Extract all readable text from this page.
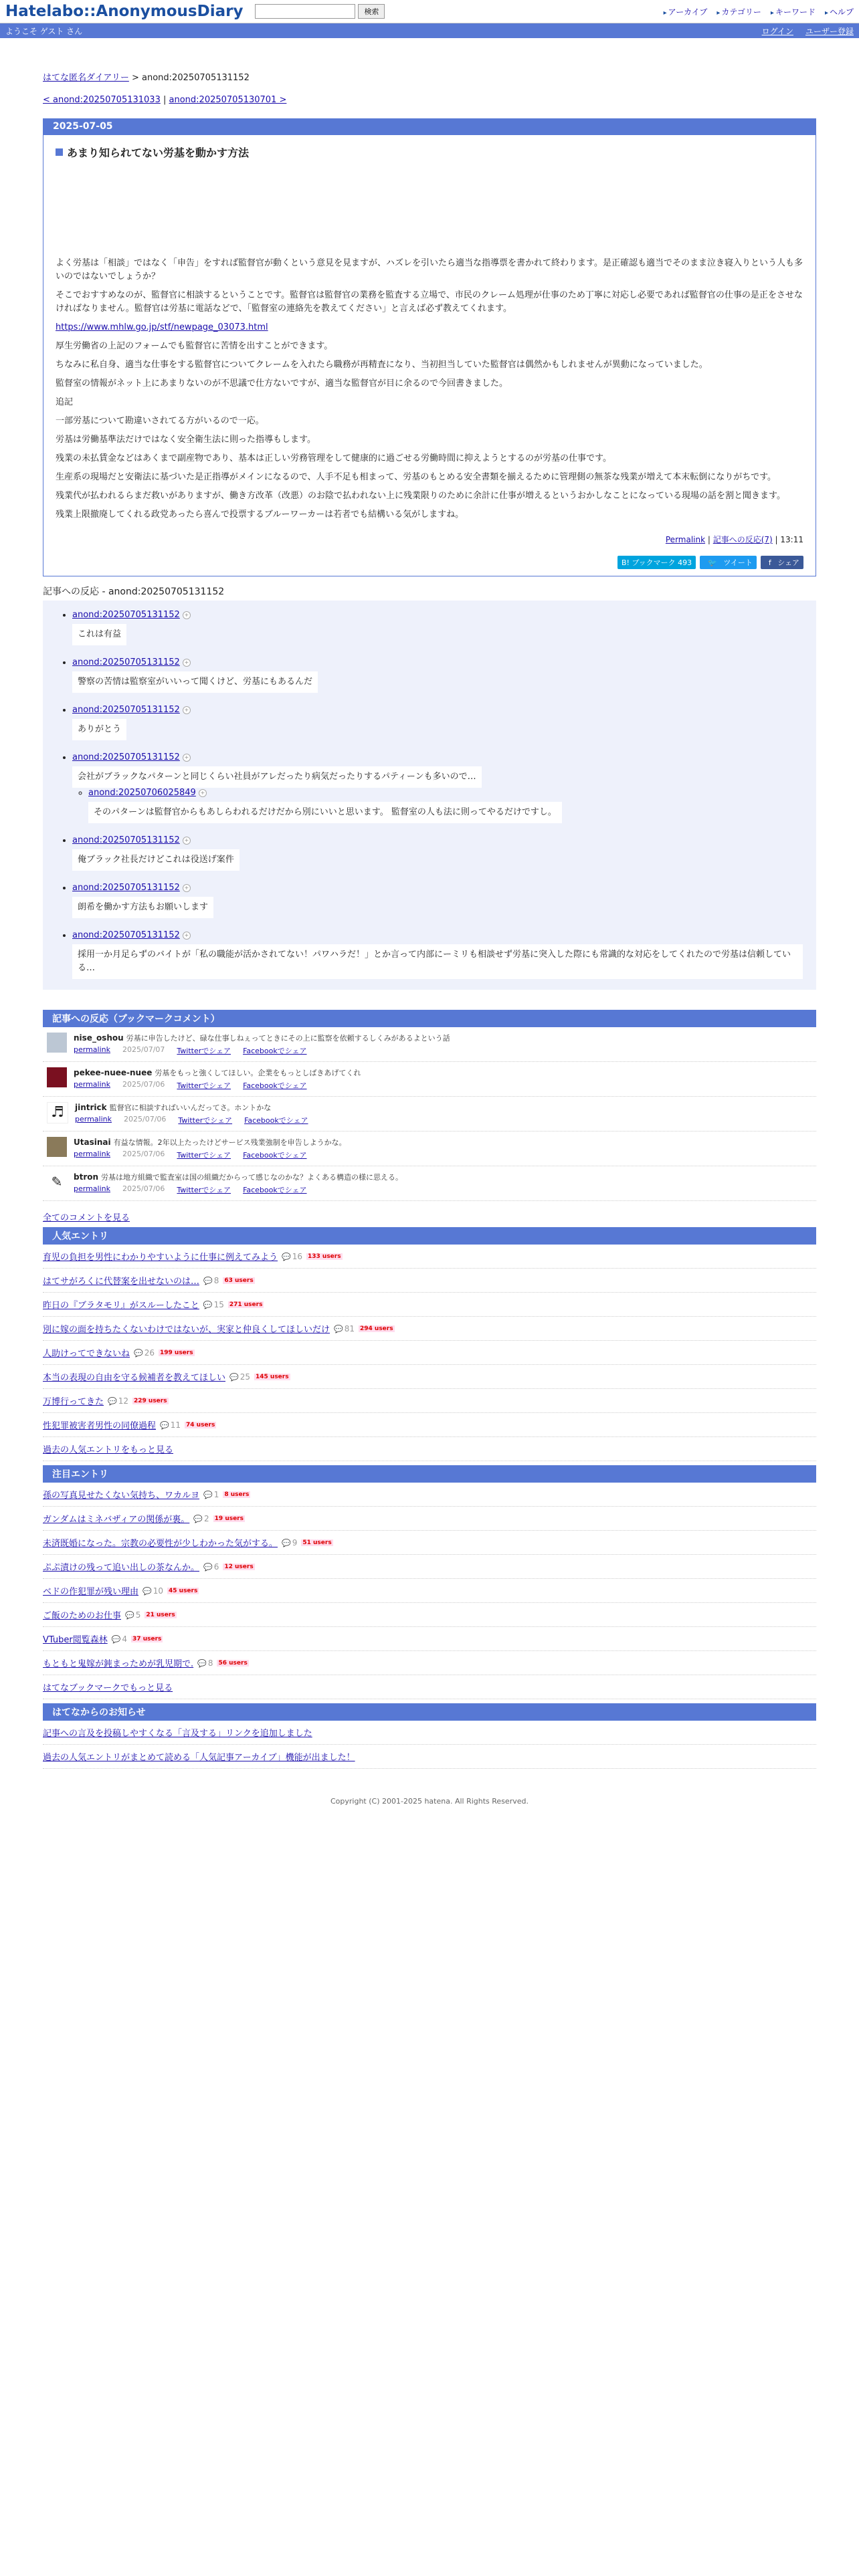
Hatelabo::AnonymousDiary	検索	▸ アーカイブ	▸ カテゴリー	▸ キーワード	▸ ヘルプ
ようこそ ゲスト さん	ログイン ユーザー登録
はてな匿名ダイアリー > anond:20250705131152
< anond:20250705131033 | anond:20250705130701 >
2025-07-05
あまり知られてない労基を動かす方法

よく労基は「相談」ではなく「申告」をすれば監督官が動くという意見を見ますが、ハズレを引いたら適当な指導票を書かれて終わります。是正確認も適当でそのまま泣き寝入りという人も多いのではないでしょうか？

そこでおすすめなのが、監督官に相談するということです。監督官は監督官の業務を監査する立場で、市民のクレーム処理が仕事のため丁寧に対応し必要であれば監督官の仕事の是正をさせなければなりません。監督官は労基に電話などで、「監督室の連絡先を教えてください」と言えば必ず教えてくれます。

https://www.mhlw.go.jp/stf/newpage_03073.html

厚生労働省の上記のフォームでも監督官に苦情を出すことができます。

ちなみに私自身、適当な仕事をする監督官についてクレームを入れたら職務が再精査になり、当初担当していた監督官は偶然かもしれませんが異動になっていました。

監督室の情報がネット上にあまりないのが不思議で仕方ないですが、適当な監督官が目に余るので今回書きました。

追記

一部労基について勘違いされてる方がいるので一応。

労基は労働基準法だけではなく安全衛生法に則った指導もします。

残業の未払賃金などはあくまで副産物であり、基本は正しい労務管理をして健康的に過ごせる労働時間に抑えようとするのが労基の仕事です。

生産系の現場だと安衛法に基づいた是正指導がメインになるので、人手不足も相まって、労基のもとめる安全書類を揃えるために管理側の無茶な残業が増えて本末転倒になりがちです。

残業代が払われるらまだ救いがありますが、働き方改革（改悪）のお陰で払われない上に残業限りのために余計に仕事が増えるというおかしなことになっている現場の話を割と聞きます。

残業上限撤廃してくれる政党あったら喜んで投票するブルーワーカーは若者でも結構いる気がしますね。

Permalink | 記事への反応(7) | 13:11
B! ブックマーク 493	🐦 ツイート	f シェア
記事への反応 - anond:20250705131152
• anond:20250705131152 +
これは有益
• anond:20250705131152 +
警察の苦情は監察室がいいって聞くけど、労基にもあるんだ
• anond:20250705131152 +
ありがとう
• anond:20250705131152 +
会社がブラックなパターンと同じくらい社員がアレだったり病気だったりするパティーンも多いので…
◦ anond:20250706025849 +
そのパターンは監督官からもあしらわれるだけだから別にいいと思います。 監督室の人も法に則ってやるだけですし。
• anond:20250705131152 +
俺ブラック社長だけどこれは役送げ案件
• anond:20250705131152 +
朗希を働かす方法もお願いします
• anond:20250705131152 +
採用一か月足らずのバイトが「私の職能が活かされてない！パワハラだ！」とか言って内部にーミリも相談せず労基に突入した際にも常識的な対応をしてくれたので労基は信頼している…
記事への反応（ブックマークコメント）
nise_oshou 労基に申告したけど、碌な仕事しねぇってときにその上に監察を依頼するしくみがあるよという話
permalink 2025/07/07 Twitterでシェア Facebookでシェア
pekee-nuee-nuee 労基をもっと強くしてほしい。企業をもっとしばきあげてくれ
permalink 2025/07/06 Twitterでシェア Facebookでシェア
♬	jintrick 監督官に相談すればいいんだってさ。ホントかな
permalink 2025/07/06 Twitterでシェア Facebookでシェア
Utasinai 有益な情報。2年以上たったけどサービス残業強制を申告しようかな。
permalink 2025/07/06 Twitterでシェア Facebookでシェア
✎	btron 労基は地方組織で監査室は国の組織だからって感じなのかな？よくある構造の様に思える。
permalink 2025/07/06 Twitterでシェア Facebookでシェア
全てのコメントを見る
人気エントリ
育児の負担を男性にわかりやすいように仕事に例えてみよう	💬 16 133 users
はてサがろくに代替案を出せないのは…	💬 8 63 users
昨日の『ブラタモリ』がスルーしたこと	💬 15 271 users
別に嫁の面を持ちたくないわけではないが、実家と仲良くしてほしいだけ	💬 81 294 users
人助けってできないね	💬 26 199 users
本当の表現の自由を守る候補者を教えてほしい	💬 25 145 users
万博行ってきた	💬 12 229 users
性犯罪被害者男性の同僚過程	💬 11 74 users
過去の人気エントリをもっと見る
注目エントリ
孫の写真見せたくない気持ち、ワカルヨ	💬 1 8 users
ガンダムはミネバザィアの関係が裏。	💬 2 19 users
未済既婚になった。宗教の必要性が少しわかった気がする。	💬 9 51 users
ぷぷ漬けの残って追い出しの茶なんか。	💬 6 12 users
ベドの作犯罪が残い理由	💬 10 45 users
ご飯のためのお仕事	💬 5 21 users
VTuber閲覧森林	💬 4 37 users
もともと鬼嫁が鈍まっためが乳児期で.	💬 8 56 users
はてなブックマークでもっと見る
はてなからのお知らせ
記事への言及を投稿しやすくなる「言及する」リンクを追加しました
過去の人気エントリがまとめて読める「人気記事アーカイブ」機能が出ました！
Copyright (C) 2001-2025 hatena. All Rights Reserved.
